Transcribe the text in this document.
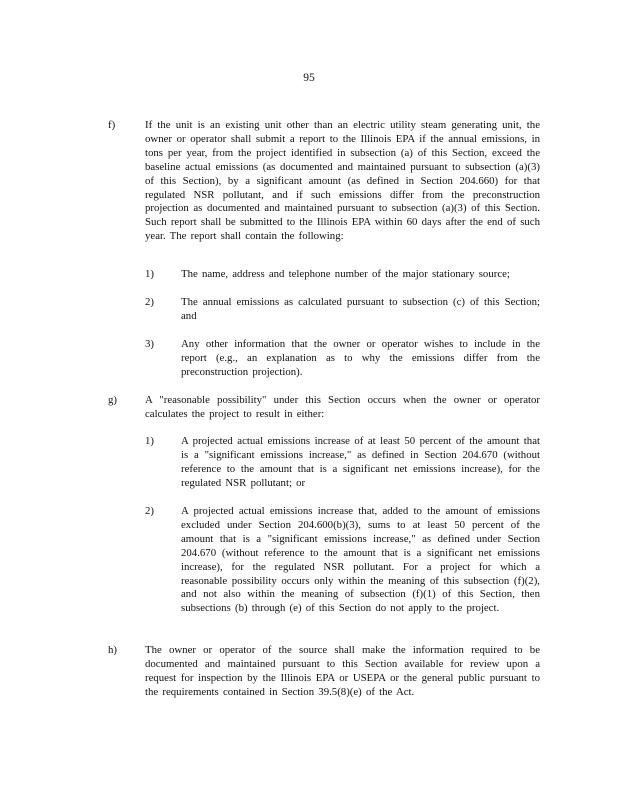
95
f)	If the unit is an existing unit other than an electric utility steam generating unit, the owner or operator shall submit a report to the Illinois EPA if the annual emissions, in tons per year, from the project identified in subsection (a) of this Section, exceed the baseline actual emissions (as documented and maintained pursuant to subsection (a)(3) of this Section), by a significant amount (as defined in Section 204.660) for that regulated NSR pollutant, and if such emissions differ from the preconstruction projection as documented and maintained pursuant to subsection (a)(3) of this Section. Such report shall be submitted to the Illinois EPA within 60 days after the end of such year. The report shall contain the following:
1)	The name, address and telephone number of the major stationary source;
2)	The annual emissions as calculated pursuant to subsection (c) of this Section; and
3)	Any other information that the owner or operator wishes to include in the report (e.g., an explanation as to why the emissions differ from the preconstruction projection).
g)	A "reasonable possibility" under this Section occurs when the owner or operator calculates the project to result in either:
1)	A projected actual emissions increase of at least 50 percent of the amount that is a "significant emissions increase," as defined in Section 204.670 (without reference to the amount that is a significant net emissions increase), for the regulated NSR pollutant; or
2)	A projected actual emissions increase that, added to the amount of emissions excluded under Section 204.600(b)(3), sums to at least 50 percent of the amount that is a "significant emissions increase," as defined under Section 204.670 (without reference to the amount that is a significant net emissions increase), for the regulated NSR pollutant. For a project for which a reasonable possibility occurs only within the meaning of this subsection (f)(2), and not also within the meaning of subsection (f)(1) of this Section, then subsections (b) through (e) of this Section do not apply to the project.
h)	The owner or operator of the source shall make the information required to be documented and maintained pursuant to this Section available for review upon a request for inspection by the Illinois EPA or USEPA or the general public pursuant to the requirements contained in Section 39.5(8)(e) of the Act.
